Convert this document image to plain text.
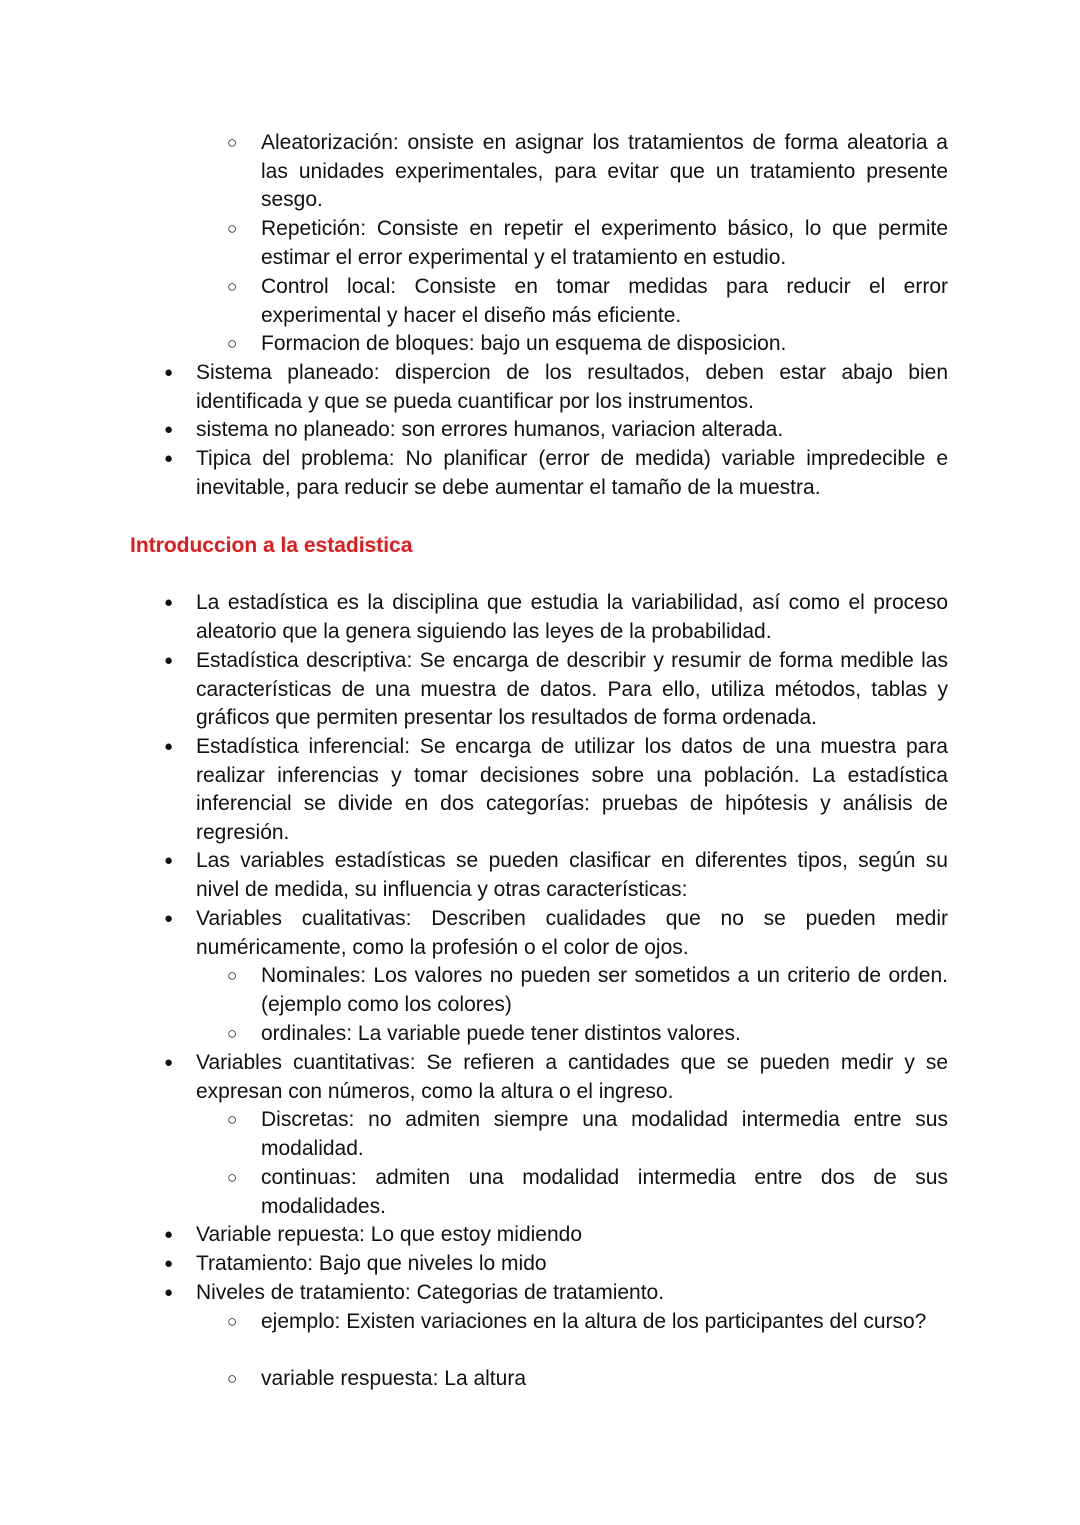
○ Aleatorización: onsiste en asignar los tratamientos de forma aleatoria a las unidades experimentales, para evitar que un tratamiento presente sesgo.
○ Repetición: Consiste en repetir el experimento básico, lo que permite estimar el error experimental y el tratamiento en estudio.
○ Control local: Consiste en tomar medidas para reducir el error experimental y hacer el diseño más eficiente.
○ Formacion de bloques: bajo un esquema de disposicion.
● Sistema planeado: dispercion de los resultados, deben estar abajo bien identificada y que se pueda cuantificar por los instrumentos.
● sistema no planeado: son errores humanos, variacion alterada.
● Tipica del problema: No planificar (error de medida) variable impredecible e inevitable, para reducir se debe aumentar el tamaño de la muestra.
Introduccion a la estadistica
● La estadística es la disciplina que estudia la variabilidad, así como el proceso aleatorio que la genera siguiendo las leyes de la probabilidad.
● Estadística descriptiva: Se encarga de describir y resumir de forma medible las características de una muestra de datos. Para ello, utiliza métodos, tablas y gráficos que permiten presentar los resultados de forma ordenada.
● Estadística inferencial: Se encarga de utilizar los datos de una muestra para realizar inferencias y tomar decisiones sobre una población. La estadística inferencial se divide en dos categorías: pruebas de hipótesis y análisis de regresión.
● Las variables estadísticas se pueden clasificar en diferentes tipos, según su nivel de medida, su influencia y otras características:
● Variables cualitativas: Describen cualidades que no se pueden medir numéricamente, como la profesión o el color de ojos.
○ Nominales: Los valores no pueden ser sometidos a un criterio de orden. (ejemplo como los colores)
○ ordinales: La variable puede tener distintos valores.
● Variables cuantitativas: Se refieren a cantidades que se pueden medir y se expresan con números, como la altura o el ingreso.
○ Discretas: no admiten siempre una modalidad intermedia entre sus modalidad.
○ continuas: admiten una modalidad intermedia entre dos de sus modalidades.
● Variable repuesta: Lo que estoy midiendo
● Tratamiento: Bajo que niveles lo mido
● Niveles de tratamiento: Categorias de tratamiento.
○ ejemplo: Existen variaciones en la altura de los participantes del curso?
○ variable respuesta: La altura
